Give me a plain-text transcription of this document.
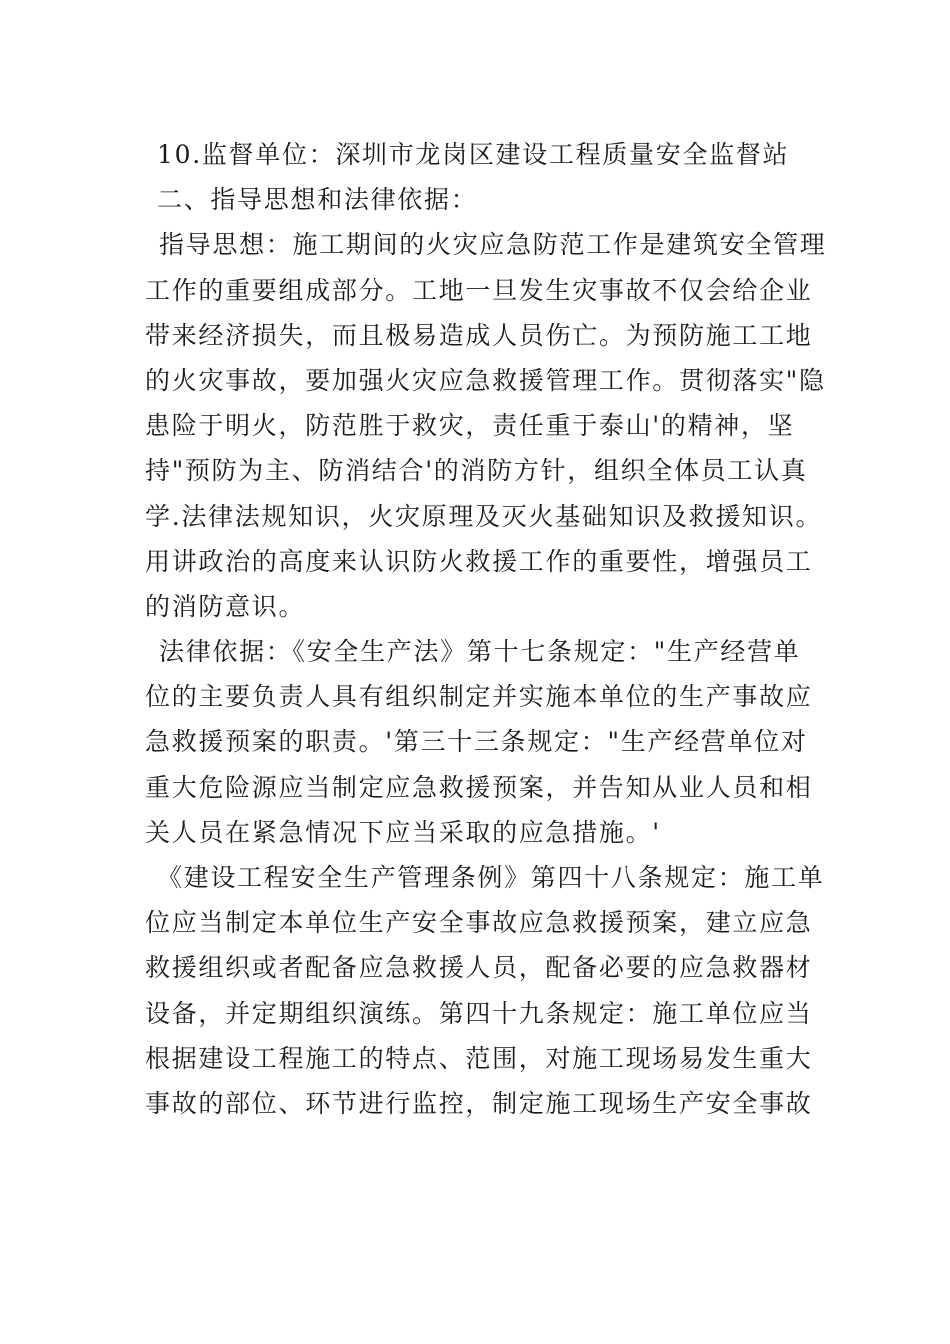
10.监督单位：深圳市龙岗区建设工程质量安全监督站
二、指导思想和法律依据：
指导思想：施工期间的火灾应急防范工作是建筑安全管理
工作的重要组成部分。工地一旦发生灾事故不仅会给企业
带来经济损失，而且极易造成人员伤亡。为预防施工工地
的火灾事故，要加强火灾应急救援管理工作。贯彻落实"隐
患险于明火，防范胜于救灾，责任重于泰山'的精神，坚
持"预防为主、防消结合'的消防方针，组织全体员工认真
学.法律法规知识，火灾原理及灭火基础知识及救援知识。
用讲政治的高度来认识防火救援工作的重要性，增强员工
的消防意识。
法律依据：《安全生产法》第十七条规定："生产经营单
位的主要负责人具有组织制定并实施本单位的生产事故应
急救援预案的职责。'第三十三条规定："生产经营单位对
重大危险源应当制定应急救援预案，并告知从业人员和相
关人员在紧急情况下应当采取的应急措施。'
《建设工程安全生产管理条例》第四十八条规定：施工单
位应当制定本单位生产安全事故应急救援预案，建立应急
救援组织或者配备应急救援人员，配备必要的应急救器材
设备，并定期组织演练。第四十九条规定：施工单位应当
根据建设工程施工的特点、范围，对施工现场易发生重大
事故的部位、环节进行监控，制定施工现场生产安全事故
